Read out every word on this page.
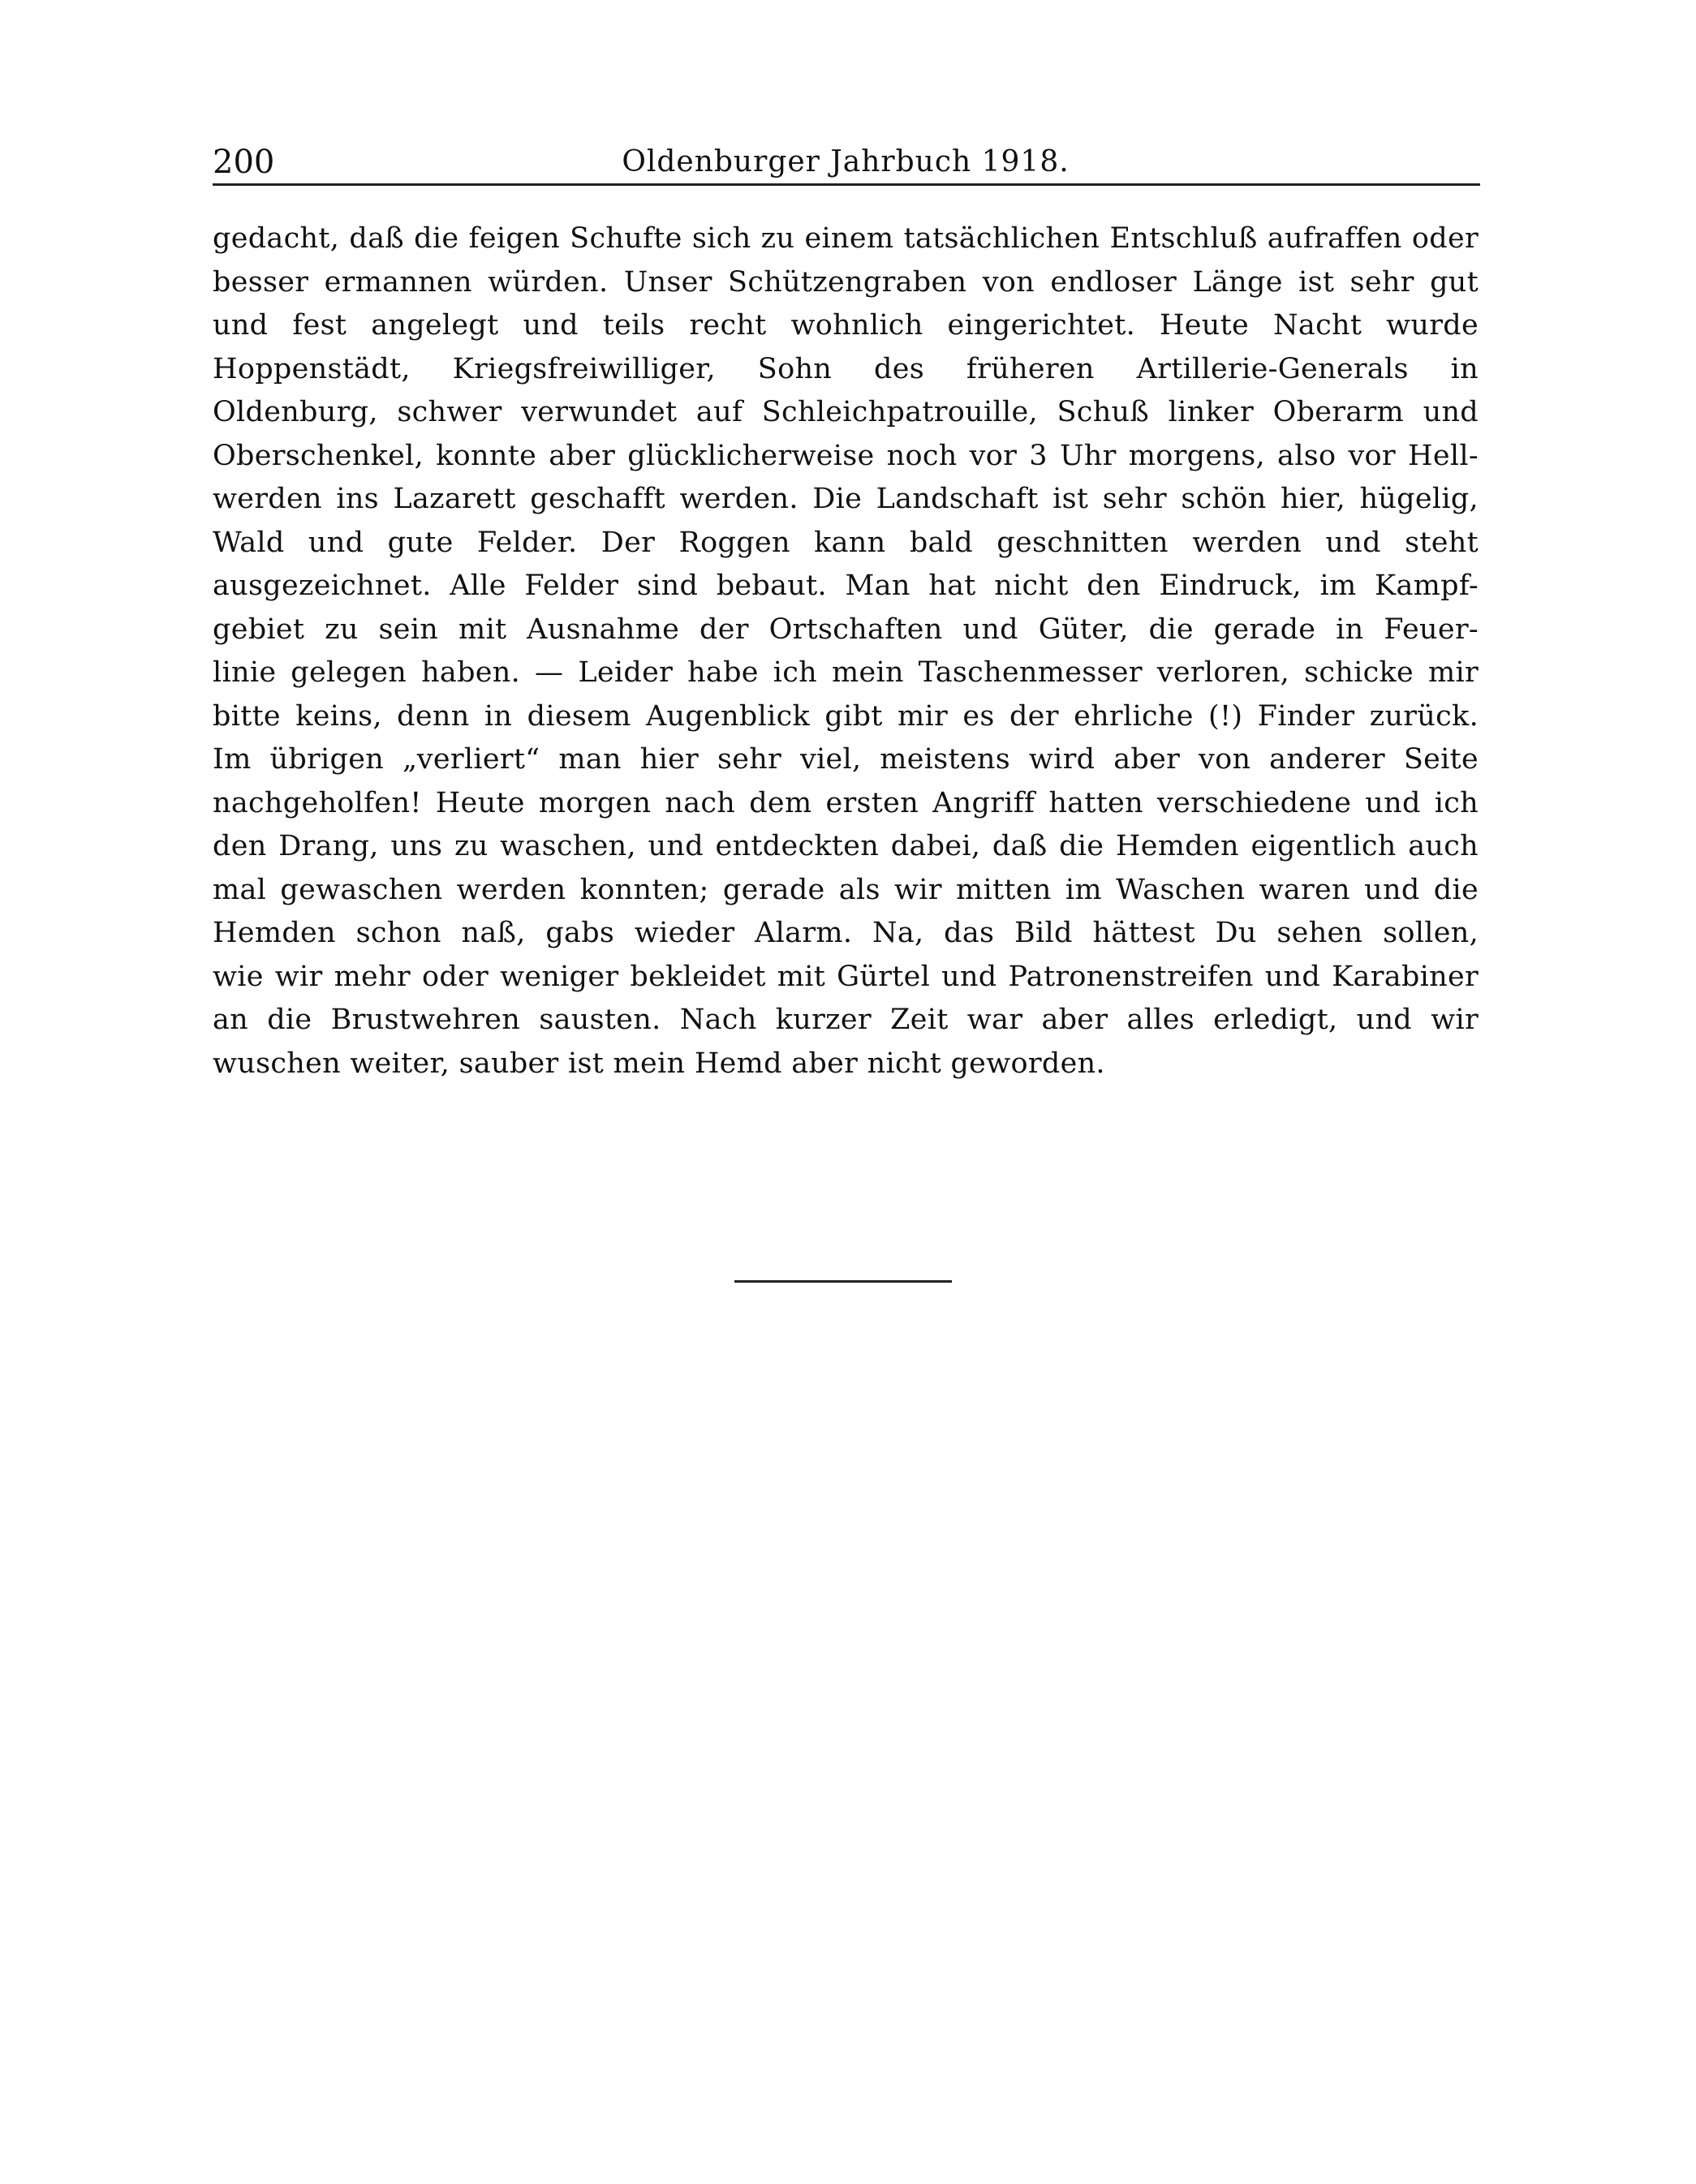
200	Oldenburger Jahrbuch 1918.
gedacht, daß die feigen Schufte sich zu einem tatsächlichen Entschluß aufraffen oder
besser ermannen würden. Unser Schützengraben von endloser Länge ist sehr gut
und fest angelegt und teils recht wohnlich eingerichtet. Heute Nacht wurde
Hoppenstädt, Kriegsfreiwilliger, Sohn des früheren Artillerie-Generals in
Oldenburg, schwer verwundet auf Schleichpatrouille, Schuß linker Oberarm und
Oberschenkel, konnte aber glücklicherweise noch vor 3 Uhr morgens, also vor Hell-
werden ins Lazarett geschafft werden. Die Landschaft ist sehr schön hier, hügelig,
Wald und gute Felder. Der Roggen kann bald geschnitten werden und steht
ausgezeichnet. Alle Felder sind bebaut. Man hat nicht den Eindruck, im Kampf-
gebiet zu sein mit Ausnahme der Ortschaften und Güter, die gerade in Feuer-
linie gelegen haben. — Leider habe ich mein Taschenmesser verloren, schicke mir
bitte keins, denn in diesem Augenblick gibt mir es der ehrliche (!) Finder zurück.
Im übrigen „verliert“ man hier sehr viel, meistens wird aber von anderer Seite
nachgeholfen! Heute morgen nach dem ersten Angriff hatten verschiedene und ich
den Drang, uns zu waschen, und entdeckten dabei, daß die Hemden eigentlich auch
mal gewaschen werden konnten; gerade als wir mitten im Waschen waren und die
Hemden schon naß, gabs wieder Alarm. Na, das Bild hättest Du sehen sollen,
wie wir mehr oder weniger bekleidet mit Gürtel und Patronenstreifen und Karabiner
an die Brustwehren sausten. Nach kurzer Zeit war aber alles erledigt, und wir
wuschen weiter, sauber ist mein Hemd aber nicht geworden.
